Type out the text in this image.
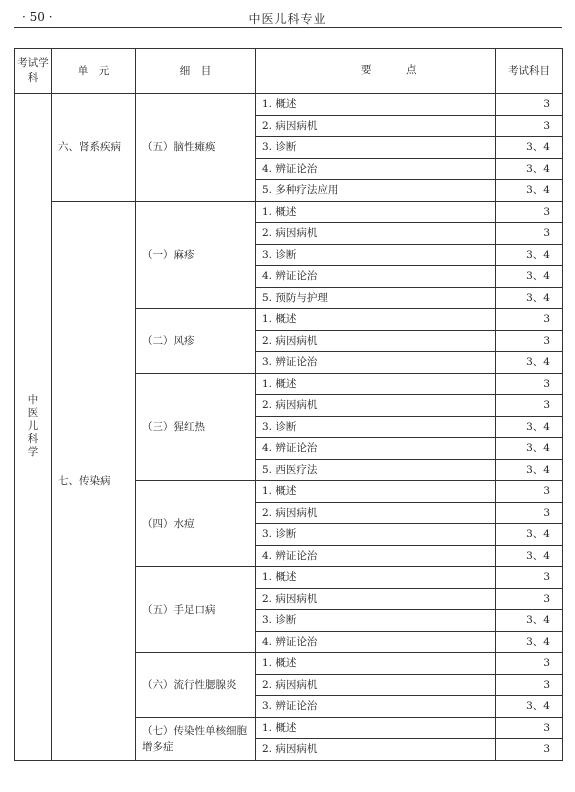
· 50 ·	中医儿科专业
考试学科	单　元	细　目	要 点	考试科目
中医儿科学	六、肾系疾病	（五）脑性瘫痪	1. 概述	3
			2. 病因病机	3
			3. 诊断	3、4
			4. 辨证论治	3、4
			5. 多种疗法应用	3、4
	七、传染病	（一）麻疹	1. 概述	3
			2. 病因病机	3
			3. 诊断	3、4
			4. 辨证论治	3、4
			5. 预防与护理	3、4
		（二）风疹	1. 概述	3
			2. 病因病机	3
			3. 辨证论治	3、4
		（三）猩红热	1. 概述	3
			2. 病因病机	3
			3. 诊断	3、4
			4. 辨证论治	3、4
			5. 西医疗法	3、4
		（四）水痘	1. 概述	3
			2. 病因病机	3
			3. 诊断	3、4
			4. 辨证论治	3、4
		（五）手足口病	1. 概述	3
			2. 病因病机	3
			3. 诊断	3、4
			4. 辨证论治	3、4
		（六）流行性腮腺炎	1. 概述	3
			2. 病因病机	3
			3. 辨证论治	3、4
		（七）传染性单核细胞增多症	1. 概述	3
			2. 病因病机	3
